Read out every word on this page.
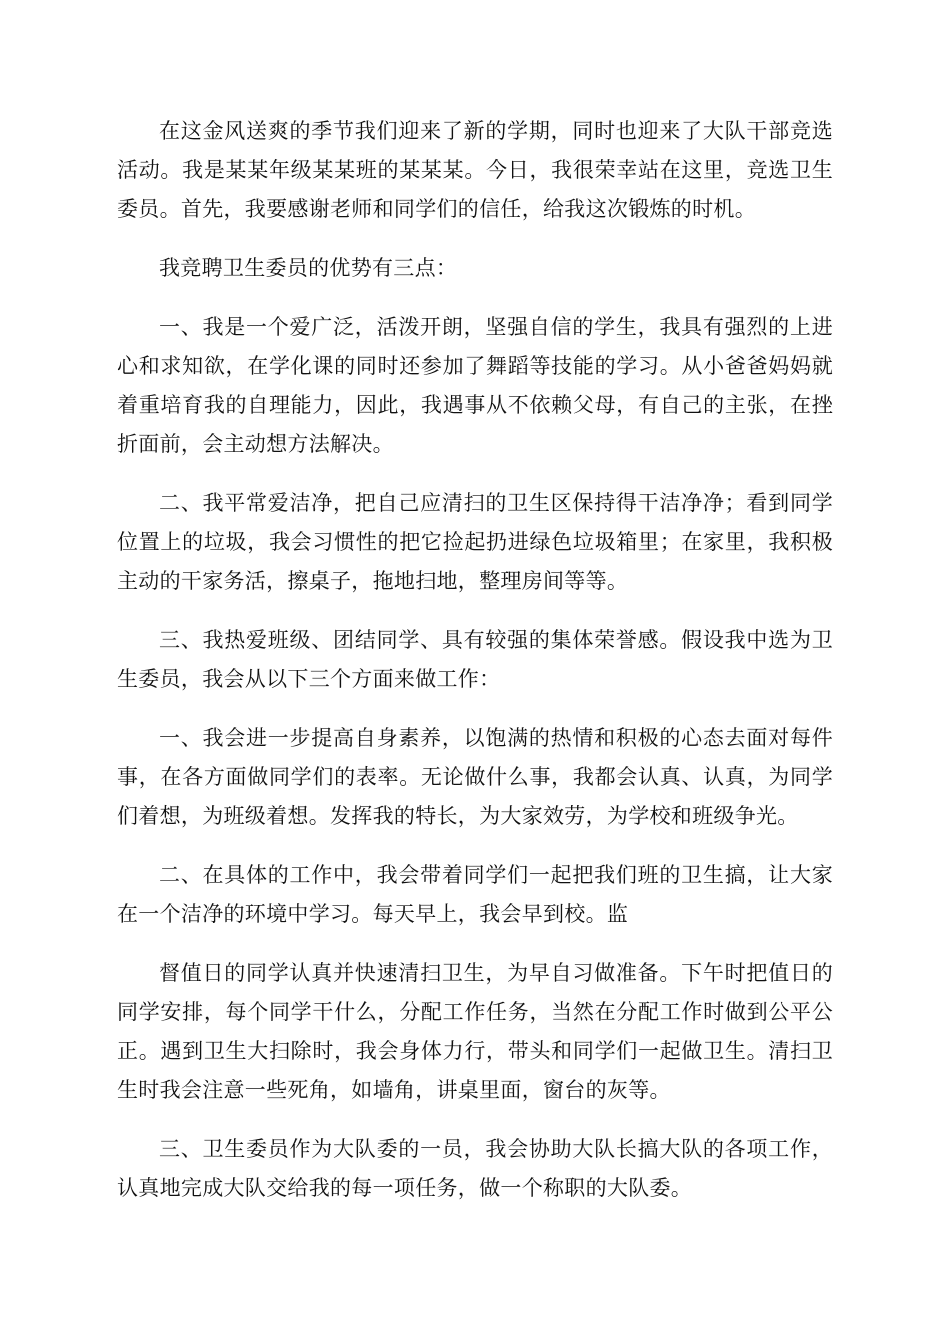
在这金风送爽的季节我们迎来了新的学期，同时也迎来了大队干部竞选活动。我是某某年级某某班的某某某。今日，我很荣幸站在这里，竞选卫生委员。首先，我要感谢老师和同学们的信任，给我这次锻炼的时机。

我竞聘卫生委员的优势有三点：

一、我是一个爱广泛，活泼开朗，坚强自信的学生，我具有强烈的上进心和求知欲，在学化课的同时还参加了舞蹈等技能的学习。从小爸爸妈妈就着重培育我的自理能力，因此，我遇事从不依赖父母，有自己的主张，在挫折面前，会主动想方法解决。

二、我平常爱洁净，把自己应清扫的卫生区保持得干洁净净；看到同学位置上的垃圾，我会习惯性的把它捡起扔进绿色垃圾箱里；在家里，我积极主动的干家务活，擦桌子，拖地扫地，整理房间等等。

三、我热爱班级、团结同学、具有较强的集体荣誉感。假设我中选为卫生委员，我会从以下三个方面来做工作：

一、我会进一步提高自身素养，以饱满的热情和积极的心态去面对每件事，在各方面做同学们的表率。无论做什么事，我都会认真、认真，为同学们着想，为班级着想。发挥我的特长，为大家效劳，为学校和班级争光。

二、在具体的工作中，我会带着同学们一起把我们班的卫生搞，让大家在一个洁净的环境中学习。每天早上，我会早到校。监

督值日的同学认真并快速清扫卫生，为早自习做准备。下午时把值日的同学安排，每个同学干什么，分配工作任务，当然在分配工作时做到公平公正。遇到卫生大扫除时，我会身体力行，带头和同学们一起做卫生。清扫卫生时我会注意一些死角，如墙角，讲桌里面，窗台的灰等。

三、卫生委员作为大队委的一员，我会协助大队长搞大队的各项工作，认真地完成大队交给我的每一项任务，做一个称职的大队委。
